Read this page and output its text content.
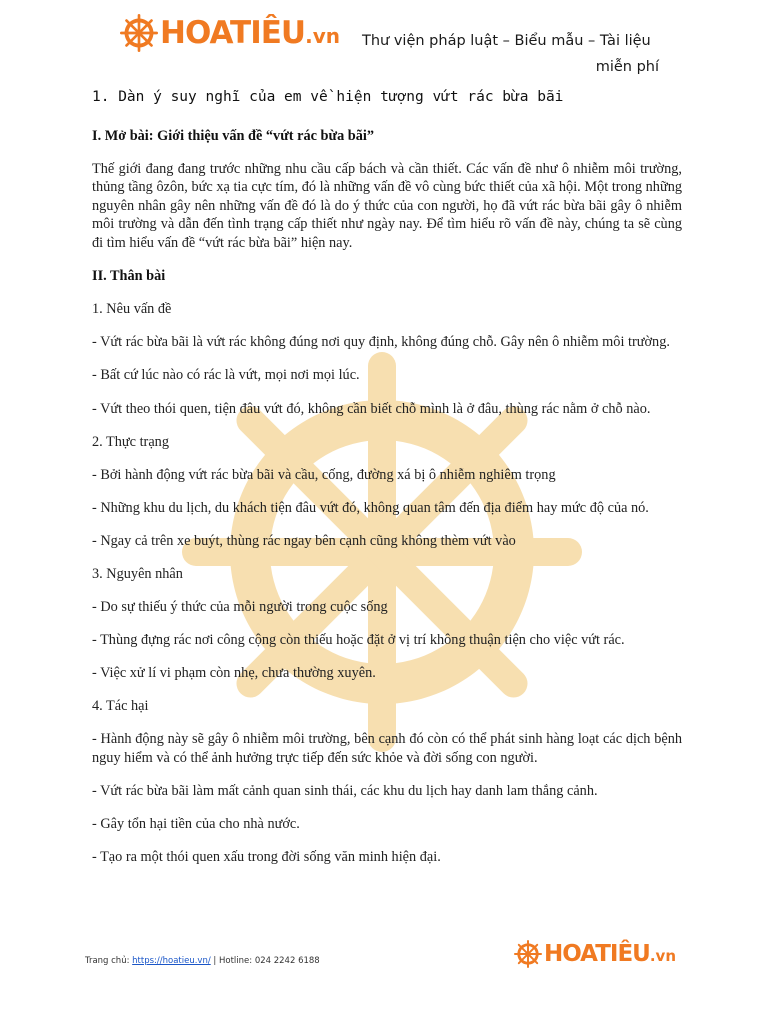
HOATIÊU.vn Thư viện pháp luật – Biểu mẫu – Tài liệu
miễn phí
1. Dàn ý suy nghĩ của em về hiện tượng vứt rác bừa bãi

I. Mở bài: Giới thiệu vấn đề “vứt rác bừa bãi”

Thế giới đang đang trước những nhu cầu cấp bách và cần thiết. Các vấn đề như ô nhiễm môi trường, thủng tầng ôzôn, bức xạ tia cực tím, đó là những vấn đề vô cùng bức thiết của xã hội. Một trong những nguyên nhân gây nên những vấn đề đó là do ý thức của con người, họ đã vứt rác bừa bãi gây ô nhiễm môi trường và dẫn đến tình trạng cấp thiết như ngày nay. Để tìm hiểu rõ vấn đề này, chúng ta sẽ cùng đi tìm hiểu vấn đề “vứt rác bừa bãi” hiện nay.

II. Thân bài

1. Nêu vấn đề

- Vứt rác bừa bãi là vứt rác không đúng nơi quy định, không đúng chỗ. Gây nên ô nhiễm môi trường.

- Bất cứ lúc nào có rác là vứt, mọi nơi mọi lúc.

- Vứt theo thói quen, tiện đâu vứt đó, không cần biết chỗ mình là ở đâu, thùng rác nằm ở chỗ nào.

2. Thực trạng

- Bởi hành động vứt rác bừa bãi và cầu, cống, đường xá bị ô nhiễm nghiêm trọng

- Những khu du lịch, du khách tiện đâu vứt đó, không quan tâm đến địa điểm hay mức độ của nó.

- Ngay cả trên xe buýt, thùng rác ngay bên cạnh cũng không thèm vứt vào

3. Nguyên nhân

- Do sự thiếu ý thức của mỗi người trong cuộc sống

- Thùng đựng rác nơi công cộng còn thiếu hoặc đặt ở vị trí không thuận tiện cho việc vứt rác.

- Việc xử lí vi phạm còn nhẹ, chưa thường xuyên.

4. Tác hại

- Hành động này sẽ gây ô nhiễm môi trường, bên cạnh đó còn có thể phát sinh hàng loạt các dịch bệnh nguy hiểm và có thể ảnh hưởng trực tiếp đến sức khỏe và đời sống con người.

- Vứt rác bừa bãi làm mất cảnh quan sinh thái, các khu du lịch hay danh lam thắng cảnh.

- Gây tổn hại tiền của cho nhà nước.

- Tạo ra một thói quen xấu trong đời sống văn minh hiện đại.

Trang chủ: https://hoatieu.vn/ | Hotline: 024 2242 6188	HOATIÊU.vn
